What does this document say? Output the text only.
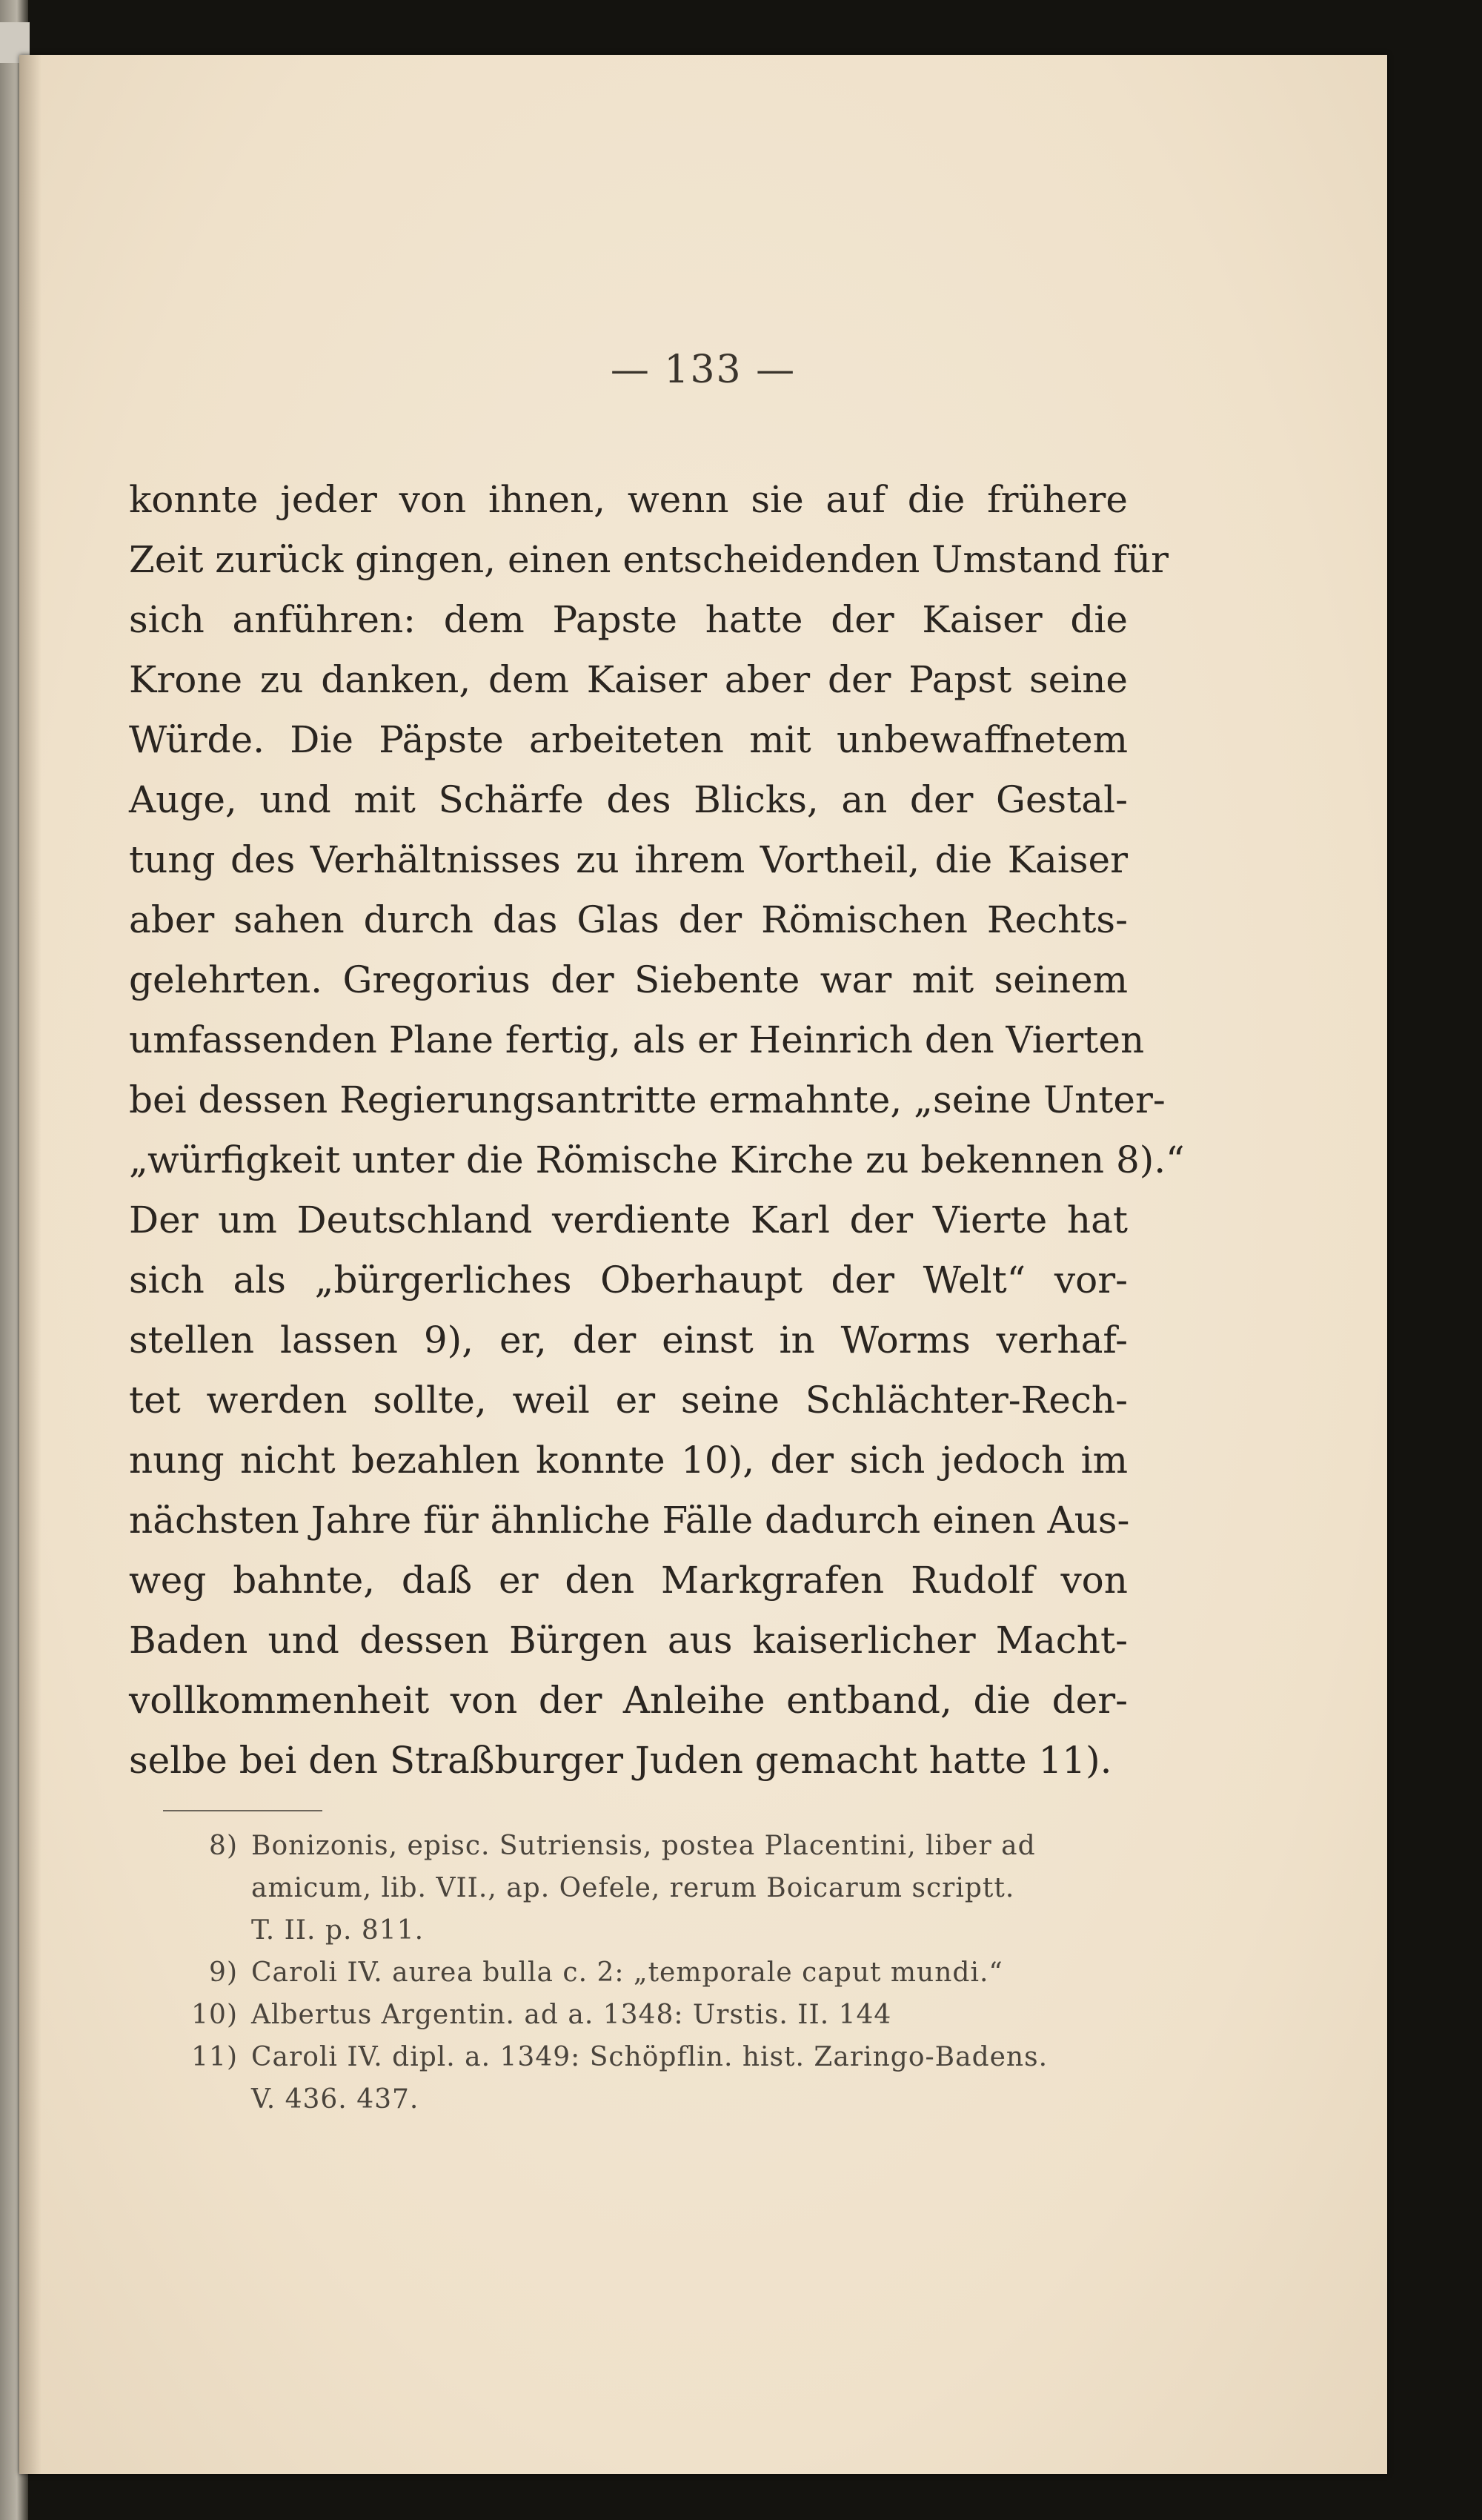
— 133 —
konnte jeder von ihnen, wenn sie auf die frühere
Zeit zurück gingen, einen entscheidenden Umstand für
sich anführen: dem Papste hatte der Kaiser die
Krone zu danken, dem Kaiser aber der Papst seine
Würde. Die Päpste arbeiteten mit unbewaffnetem
Auge, und mit Schärfe des Blicks, an der Gestal-
tung des Verhältnisses zu ihrem Vortheil, die Kaiser
aber sahen durch das Glas der Römischen Rechts-
gelehrten. Gregorius der Siebente war mit seinem
umfassenden Plane fertig, als er Heinrich den Vierten
bei dessen Regierungsantritte ermahnte, „seine Unter-
„würfigkeit unter die Römische Kirche zu bekennen 8).“
Der um Deutschland verdiente Karl der Vierte hat
sich als „bürgerliches Oberhaupt der Welt“ vor-
stellen lassen 9), er, der einst in Worms verhaf-
tet werden sollte, weil er seine Schlächter-Rech-
nung nicht bezahlen konnte 10), der sich jedoch im
nächsten Jahre für ähnliche Fälle dadurch einen Aus-
weg bahnte, daß er den Markgrafen Rudolf von
Baden und dessen Bürgen aus kaiserlicher Macht-
vollkommenheit von der Anleihe entband, die der-
selbe bei den Straßburger Juden gemacht hatte 11).
8) Bonizonis, episc. Sutriensis, postea Placentini, liber ad
amicum, lib. VII., ap. Oefele, rerum Boicarum scriptt.
T. II. p. 811.
9) Caroli IV. aurea bulla c. 2: „temporale caput mundi.“
10) Albertus Argentin. ad a. 1348: Urstis. II. 144
11) Caroli IV. dipl. a. 1349: Schöpflin. hist. Zaringo-Badens.
V. 436. 437.
